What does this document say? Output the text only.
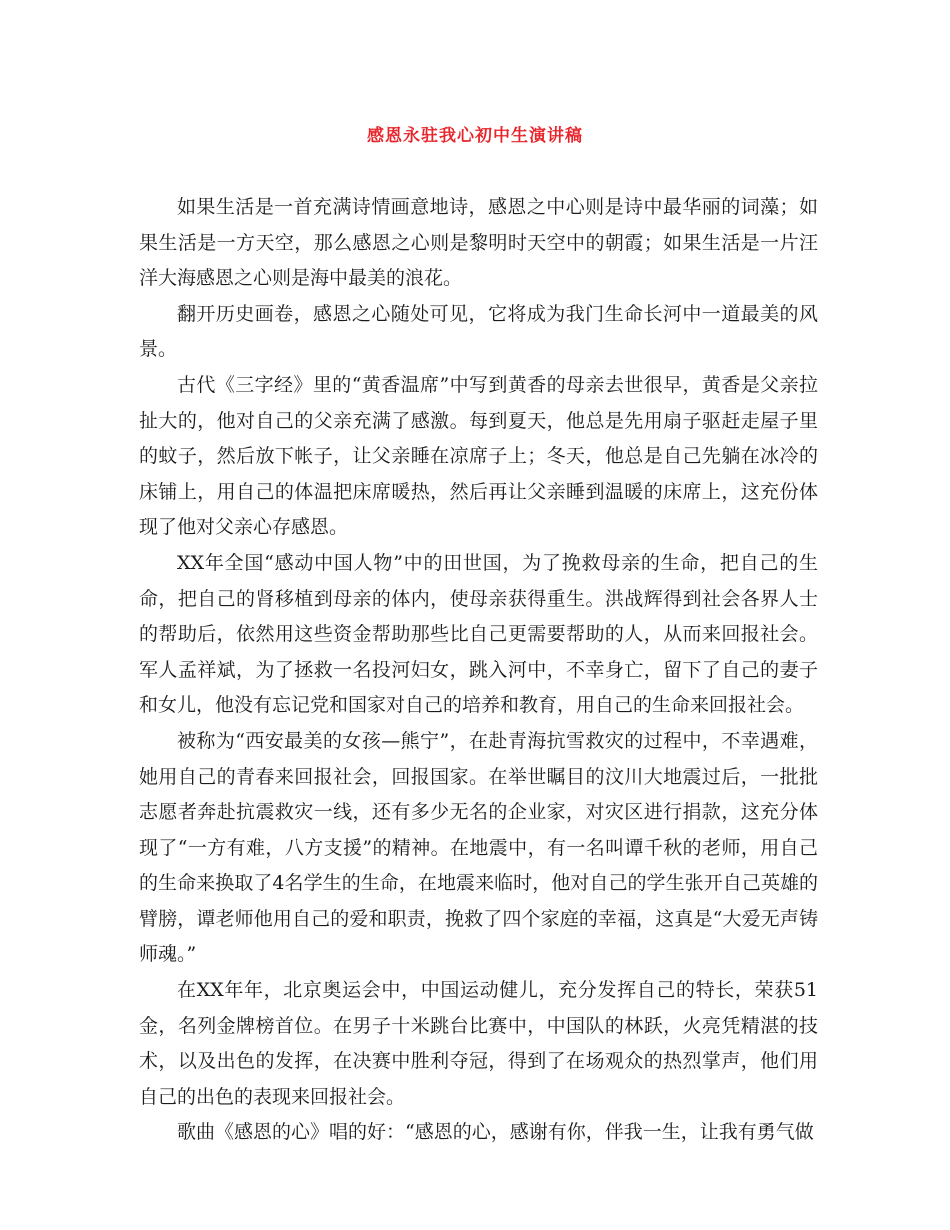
感恩永驻我心初中生演讲稿

如果生活是一首充满诗情画意地诗，感恩之中心则是诗中最华丽的词藻；如果生活是一方天空，那么感恩之心则是黎明时天空中的朝霞；如果生活是一片汪洋大海感恩之心则是海中最美的浪花。

翻开历史画卷，感恩之心随处可见，它将成为我门生命长河中一道最美的风景。

古代《三字经》里的“黄香温席”中写到黄香的母亲去世很早，黄香是父亲拉扯大的，他对自己的父亲充满了感激。每到夏天，他总是先用扇子驱赶走屋子里的蚊子，然后放下帐子，让父亲睡在凉席子上；冬天，他总是自己先躺在冰冷的床铺上，用自己的体温把床席暖热，然后再让父亲睡到温暖的床席上，这充份体现了他对父亲心存感恩。

XX年全国“感动中国人物”中的田世国，为了挽救母亲的生命，把自己的生命，把自己的肾移植到母亲的体内，使母亲获得重生。洪战辉得到社会各界人士的帮助后，依然用这些资金帮助那些比自己更需要帮助的人，从而来回报社会。军人孟祥斌，为了拯救一名投河妇女，跳入河中，不幸身亡，留下了自己的妻子和女儿，他没有忘记党和国家对自己的培养和教育，用自己的生命来回报社会。

被称为“西安最美的女孩—熊宁”，在赴青海抗雪救灾的过程中，不幸遇难，她用自己的青春来回报社会，回报国家。在举世瞩目的汶川大地震过后，一批批志愿者奔赴抗震救灾一线，还有多少无名的企业家，对灾区进行捐款，这充分体现了“一方有难，八方支援”的精神。在地震中，有一名叫谭千秋的老师，用自己的生命来换取了4名学生的生命，在地震来临时，他对自己的学生张开自己英雄的臂膀，谭老师他用自己的爱和职责，挽救了四个家庭的幸福，这真是“大爱无声铸师魂。”

在XX年年，北京奥运会中，中国运动健儿，充分发挥自己的特长，荣获51金，名列金牌榜首位。在男子十米跳台比赛中，中国队的林跃，火亮凭精湛的技术，以及出色的发挥，在决赛中胜利夺冠，得到了在场观众的热烈掌声，他们用自己的出色的表现来回报社会。

歌曲《感恩的心》唱的好：“感恩的心，感谢有你，伴我一生，让我有勇气做
